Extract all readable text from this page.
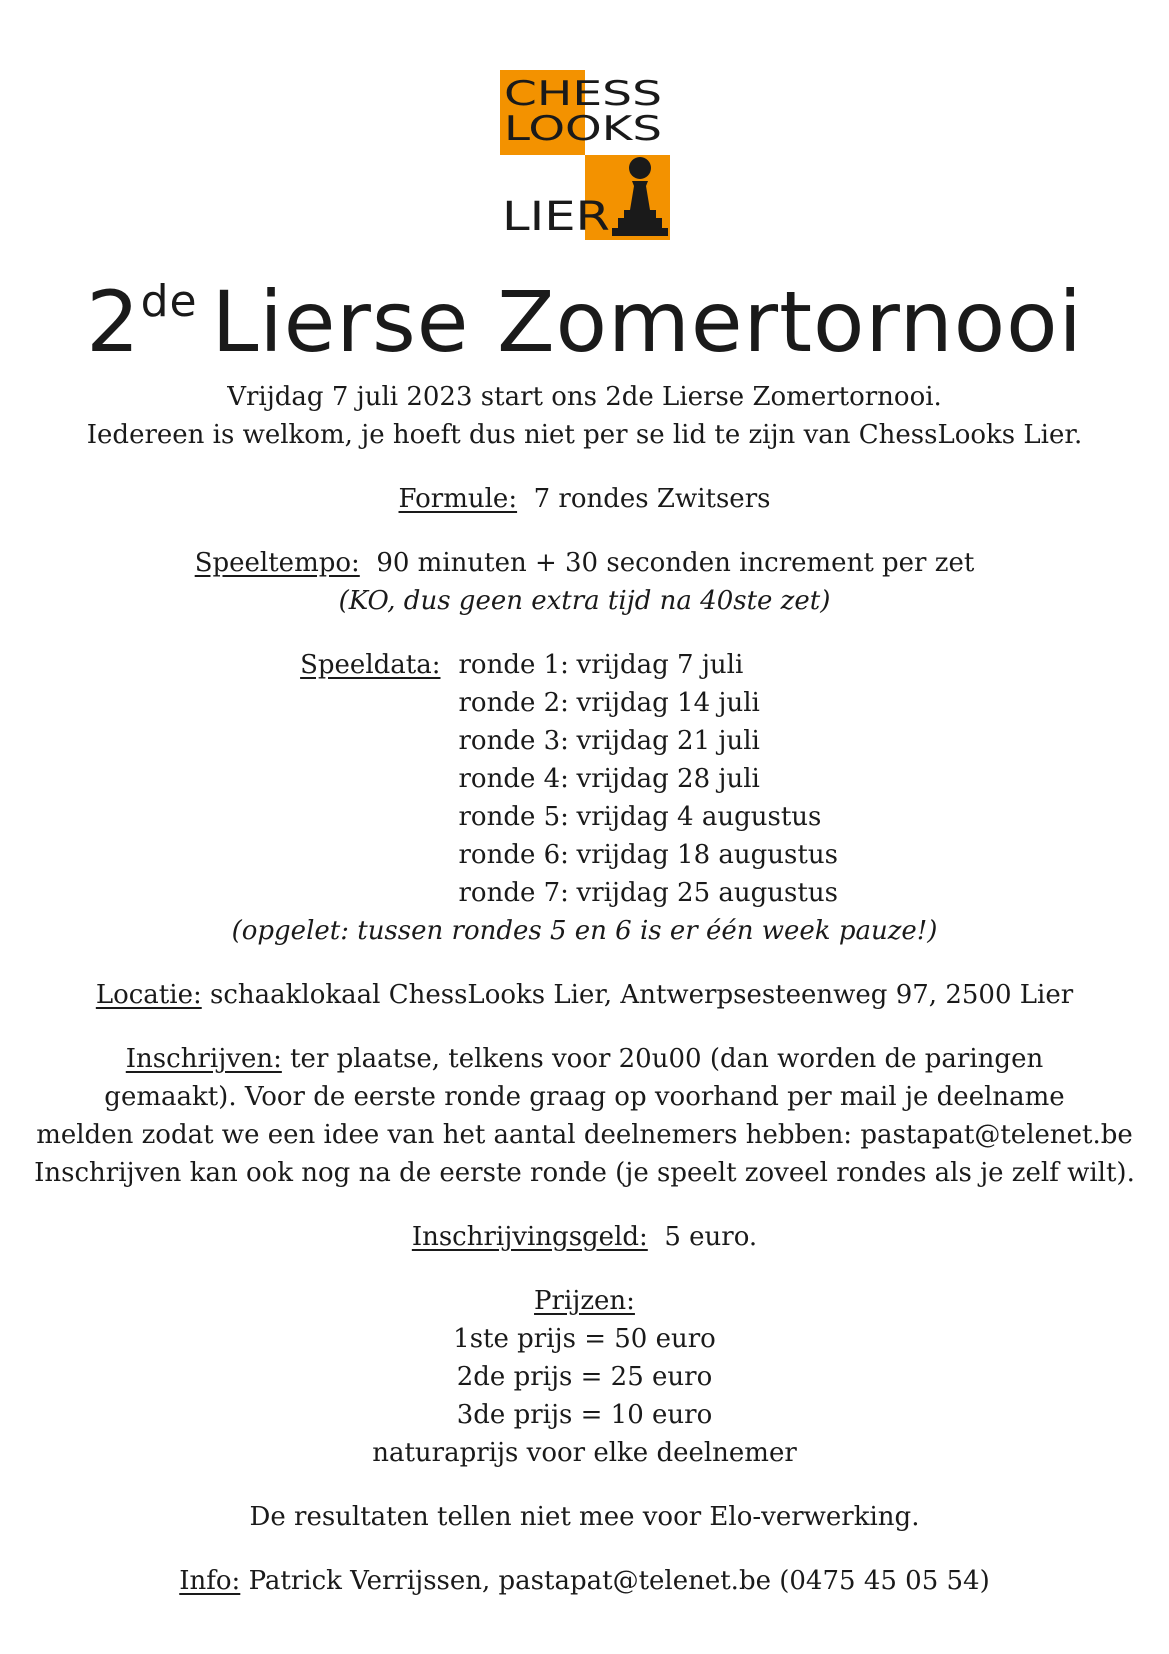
CHESS
LOOKS
LIER
2de Lierse Zomertornooi
Vrijdag 7 juli 2023 start ons 2de Lierse Zomertornooi.
Iedereen is welkom, je hoeft dus niet per se lid te zijn van ChessLooks Lier.
Formule: 7 rondes Zwitsers
Speeltempo: 90 minuten + 30 seconden increment per zet
(KO, dus geen extra tijd na 40ste zet)
Speeldata: ronde 1: vrijdag 7 juli
ronde 2: vrijdag 14 juli
ronde 3: vrijdag 21 juli
ronde 4: vrijdag 28 juli
ronde 5: vrijdag 4 augustus
ronde 6: vrijdag 18 augustus
ronde 7: vrijdag 25 augustus
(opgelet: tussen rondes 5 en 6 is er één week pauze!)
Locatie: schaaklokaal ChessLooks Lier, Antwerpsesteenweg 97, 2500 Lier
Inschrijven: ter plaatse, telkens voor 20u00 (dan worden de paringen
gemaakt). Voor de eerste ronde graag op voorhand per mail je deelname
melden zodat we een idee van het aantal deelnemers hebben: pastapat@telenet.be
Inschrijven kan ook nog na de eerste ronde (je speelt zoveel rondes als je zelf wilt).
Inschrijvingsgeld: 5 euro.
Prijzen:
1ste prijs = 50 euro
2de prijs = 25 euro
3de prijs = 10 euro
naturaprijs voor elke deelnemer
De resultaten tellen niet mee voor Elo-verwerking.
Info: Patrick Verrijssen, pastapat@telenet.be (0475 45 05 54)
